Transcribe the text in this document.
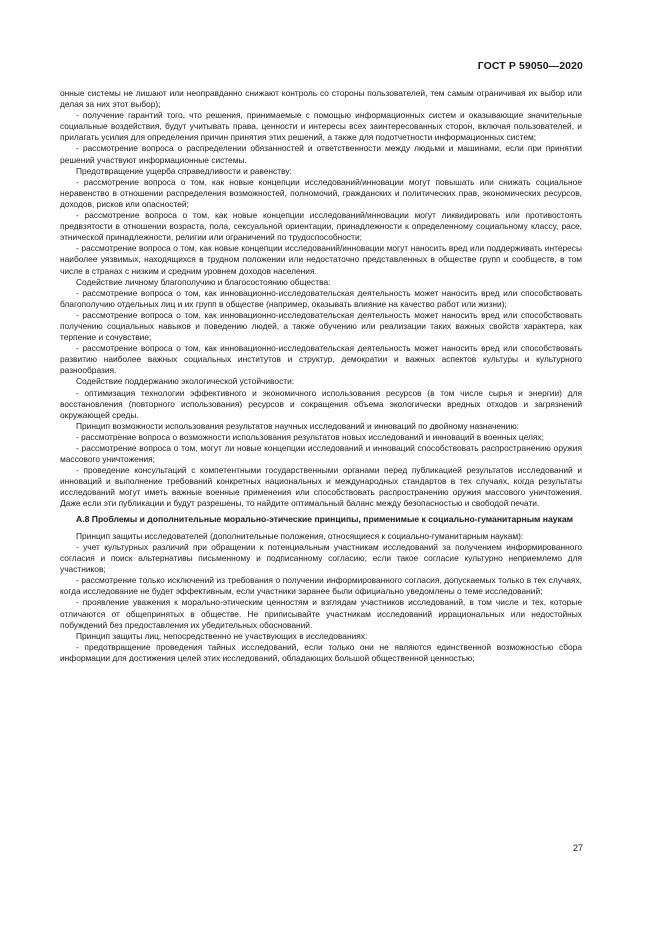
ГОСТ Р 59050—2020

онные системы не лишают или неоправданно снижают контроль со стороны пользователей, тем самым ограничивая их выбор или делая за них этот выбор);

- получение гарантий того, что решения, принимаемые с помощью информационных систем и оказывающие значительные социальные воздействия, будут учитывать права, ценности и интересы всех заинтересованных сторон, включая пользователей, и прилагать усилия для определения причин принятия этих решений, а также для подотчетности информационных систем;

- рассмотрение вопроса о распределении обязанностей и ответственности между людьми и машинами, если при принятии решений участвуют информационные системы.

Предотвращение ущерба справедливости и равенству:

- рассмотрение вопроса о том, как новые концепции исследований/инновации могут повышать или снижать социальное неравенство в отношении распределения возможностей, полномочий, гражданских и политических прав, экономических ресурсов, доходов, рисков или опасностей;

- рассмотрение вопроса о том, как новые концепции исследований/инновации могут ликвидировать или противостоять предвзятости в отношении возраста, пола, сексуальной ориентации, принадлежности к определенному социальному классу, расе, этнической принадлежности, религии или ограничений по трудоспособности;

- рассмотрение вопроса о том, как новые концепции исследований/инновации могут наносить вред или поддерживать интересы наиболее уязвимых, находящихся в трудном положении или недостаточно представленных в обществе групп и сообществ, в том числе в странах с низким и средним уровнем доходов населения.

Содействие личному благополучию и благосостоянию общества:

- рассмотрение вопроса о том, как инновационно-исследовательская деятельность может наносить вред или способствовать благополучию отдельных лиц и их групп в обществе (например, оказывать влияние на качество работ или жизни);

- рассмотрение вопроса о том, как инновационно-исследовательская деятельность может наносить вред или способствовать получению социальных навыков и поведению людей, а также обучению или реализации таких важных свойств характера, как терпение и сочувствие;

- рассмотрение вопроса о том, как инновационно-исследовательская деятельность может наносить вред или способствовать развитию наиболее важных социальных институтов и структур, демократии и важных аспектов культуры и культурного разнообразия.

Содействие поддержанию экологической устойчивости:

- оптимизация технологии эффективного и экономичного использования ресурсов (в том числе сырья и энергии) для восстановления (повторного использования) ресурсов и сокращения объема экологически вредных отходов и загрязнений окружающей среды.

Принцип возможности использования результатов научных исследований и инноваций по двойному назначению:

- рассмотрение вопроса о возможности использования результатов новых исследований и инноваций в военных целях;

- рассмотрение вопроса о том, могут ли новые концепции исследований и инноваций способствовать распространению оружия массового уничтожения;

- проведение консультаций с компетентными государственными органами перед публикацией результатов исследований и инноваций и выполнение требований конкретных национальных и международных стандартов в тех случаях, когда результаты исследований могут иметь важные военные применения или способствовать распространению оружия массового уничтожения. Даже если эти публикации и будут разрешены, то найдите оптимальный баланс между безопасностью и свободой печати.

А.8 Проблемы и дополнительные морально-этические принципы, применимые к социально-гуманитарным наукам

Принцип защиты исследователей (дополнительные положения, относящиеся к социально-гуманитарным наукам):

- учет культурных различий при обращении к потенциальным участникам исследований за получением информированного согласия и поиск альтернативы письменному и подписанному согласию, если такое согласие культурно неприемлемо для участников;

- рассмотрение только исключений из требования о получении информированного согласия, допускаемых только в тех случаях, когда исследование не будет эффективным, если участники заранее были официально уведомлены о теме исследований;

- проявление уважения к морально-этическим ценностям и взглядам участников исследований, в том числе и тех, которые отличаются от общепринятых в обществе. Не приписывайте участникам исследований иррациональных или недостойных побуждений без предоставления их убедительных обоснований.

Принцип защиты лиц, непосредственно не участвующих в исследованиях:

- предотвращение проведения тайных исследований, если только они не являются единственной возможностью сбора информации для достижения целей этих исследований, обладающих большой общественной ценностью;

27
